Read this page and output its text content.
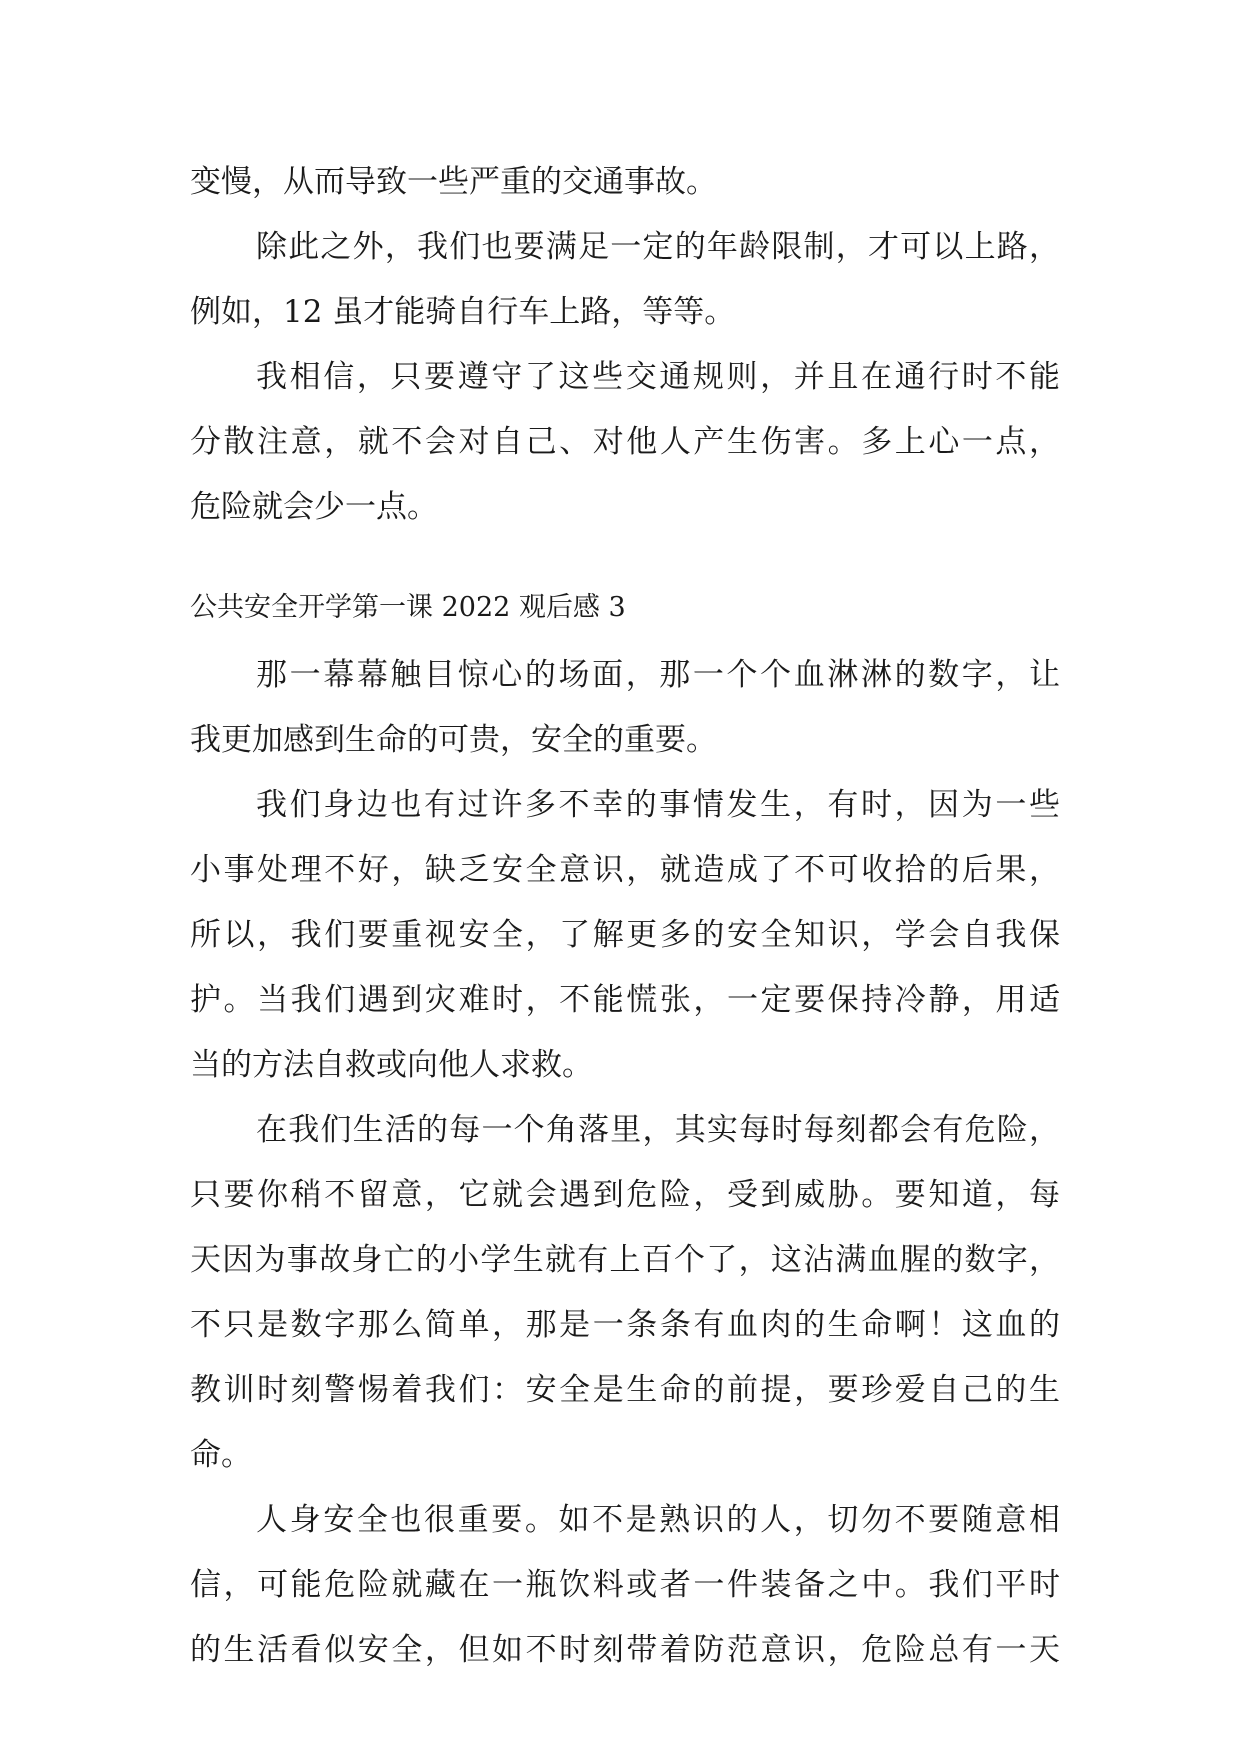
变慢，从而导致一些严重的交通事故。
除此之外，我们也要满足一定的年龄限制，才可以上路，
例如，12 虽才能骑自行车上路，等等。
我相信，只要遵守了这些交通规则，并且在通行时不能
分散注意，就不会对自己、对他人产生伤害。多上心一点，
危险就会少一点。
公共安全开学第一课 2022 观后感 3
那一幕幕触目惊心的场面，那一个个血淋淋的数字，让
我更加感到生命的可贵，安全的重要。
我们身边也有过许多不幸的事情发生，有时，因为一些
小事处理不好，缺乏安全意识，就造成了不可收拾的后果，
所以，我们要重视安全，了解更多的安全知识，学会自我保
护。当我们遇到灾难时，不能慌张，一定要保持冷静，用适
当的方法自救或向他人求救。
在我们生活的每一个角落里，其实每时每刻都会有危险，
只要你稍不留意，它就会遇到危险，受到威胁。要知道，每
天因为事故身亡的小学生就有上百个了，这沾满血腥的数字，
不只是数字那么简单，那是一条条有血肉的生命啊！这血的
教训时刻警惕着我们：安全是生命的前提，要珍爱自己的生
命。
人身安全也很重要。如不是熟识的人，切勿不要随意相
信，可能危险就藏在一瓶饮料或者一件装备之中。我们平时
的生活看似安全，但如不时刻带着防范意识，危险总有一天
